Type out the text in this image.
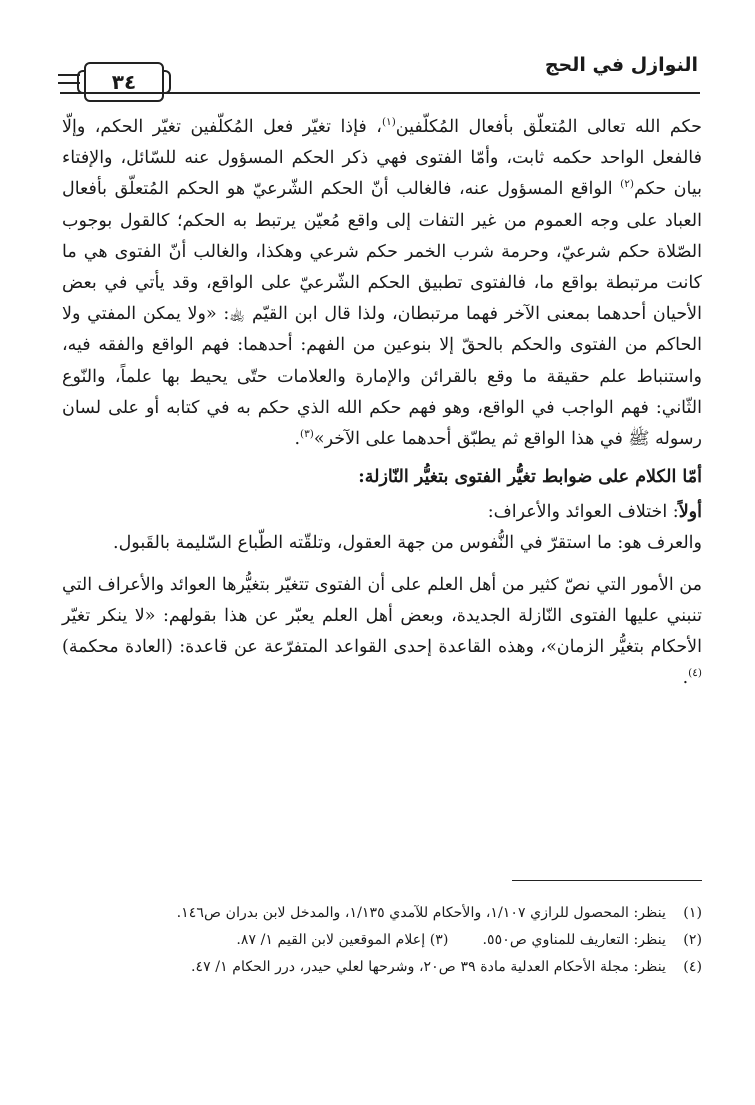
النوازل في الحج
٣٤

حكم الله تعالى المُتعلّق بأفعال المُكلّفين$^{(١)}$، فإذا تغيّر فعل المُكلّفين تغيّر الحكم، وإلّا فالفعل الواحد حكمه ثابت، وأمّا الفتوى فهي ذكر الحكم المسؤول عنه للسّائل، والإفتاء بيان حكم$^{(٢)}$ الواقع المسؤول عنه، فالغالب أنّ الحكم الشّرعيّ هو الحكم المُتعلّق بأفعال العباد على وجه العموم من غير التفات إلى واقع مُعيّن يرتبط به الحكم؛ كالقول بوجوب الصّلاة حكم شرعيّ، وحرمة شرب الخمر حكم شرعي وهكذا، والغالب أنّ الفتوى هي ما كانت مرتبطة بواقع ما، فالفتوى تطبيق الحكم الشّرعيّ على الواقع، وقد يأتي في بعض الأحيان أحدهما بمعنى الآخر فهما مرتبطان، ولذا قال ابن القيّم ﵀: «ولا يمكن المفتي ولا الحاكم من الفتوى والحكم بالحقّ إلا بنوعين من الفهم: أحدهما: فهم الواقع والفقه فيه، واستنباط علم حقيقة ما وقع بالقرائن والإمارة والعلامات حتّى يحيط بها علماً، والنّوع الثّاني: فهم الواجب في الواقع، وهو فهم حكم الله الذي حكم به في كتابه أو على لسان رسوله ﷺ في هذا الواقع ثم يطبّق أحدهما على الآخر»$^{(٣)}$.

أمّا الكلام على ضوابط تغيُّر الفتوى بتغيُّر النّازلة:

أولاً: اختلاف العوائد والأعراف:

والعرف هو: ما استقرّ في النُّفوس من جهة العقول، وتلقّته الطّباع السّليمة بالقَبول.

من الأمور التي نصّ كثير من أهل العلم على أن الفتوى تتغيّر بتغيُّرها العوائد والأعراف التي تنبني عليها الفتوى النّازلة الجديدة، وبعض أهل العلم يعبّر عن هذا بقولهم: «لا ينكر تغيّر الأحكام بتغيُّر الزمان»، وهذه القاعدة إحدى القواعد المتفرّعة عن قاعدة: (العادة محكمة)$^{(٤)}$.

(١)
ينظر: المحصول للرازي ١/١٠٧، والأحكام للآمدي ١/١٣٥، والمدخل لابن بدران ص١٤٦.
(٢)
ينظر: التعاريف للمناوي ص٥٥٠.
(٣) إعلام الموقعين لابن القيم ١/ ٨٧.
(٤)
ينظر: مجلة الأحكام العدلية مادة ٣٩ ص٢٠، وشرحها لعلي حيدر، درر الحكام ١/ ٤٧.
